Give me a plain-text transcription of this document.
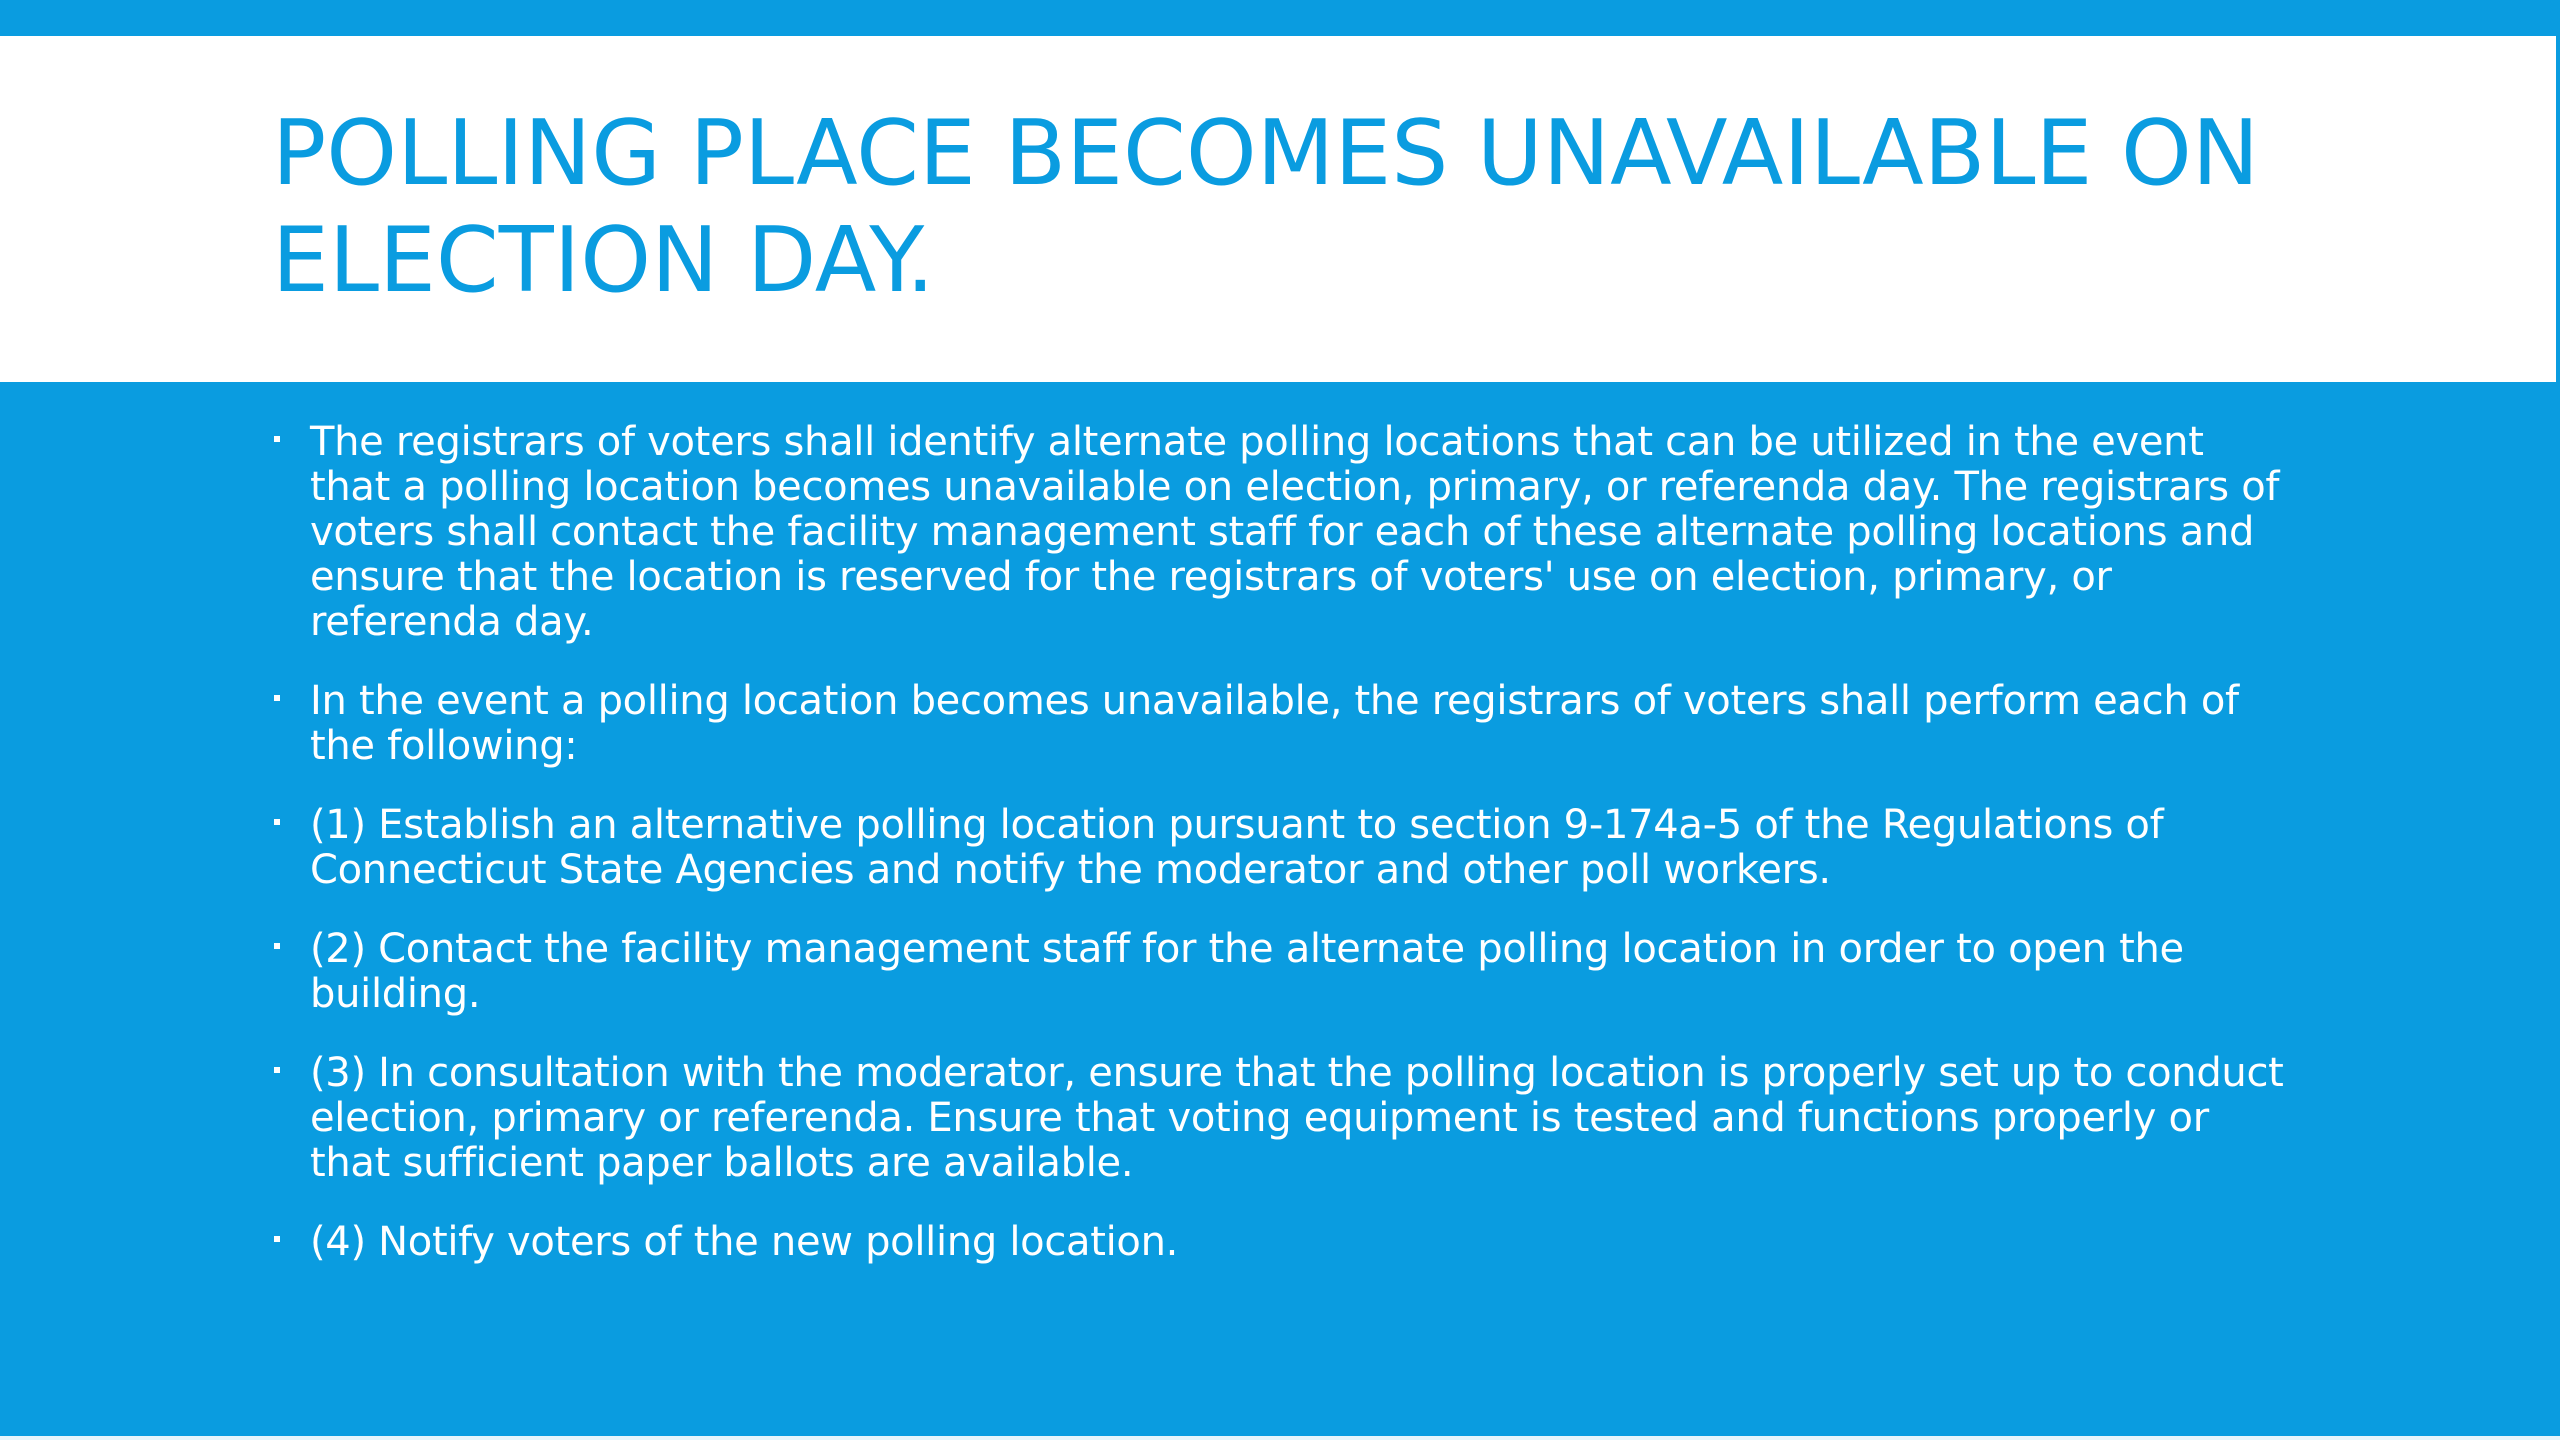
POLLING PLACE BECOMES UNAVAILABLE ON ELECTION DAY.
The registrars of voters shall identify alternate polling locations that can be utilized in the event that a polling location becomes unavailable on election, primary, or referenda day. The registrars of voters shall contact the facility management staff for each of these alternate polling locations and ensure that the location is reserved for the registrars of voters' use on election, primary, or referenda day.
In the event a polling location becomes unavailable, the registrars of voters shall perform each of the following:
(1) Establish an alternative polling location pursuant to section 9-174a-5 of the Regulations of Connecticut State Agencies and notify the moderator and other poll workers.
(2) Contact the facility management staff for the alternate polling location in order to open the building.
(3) In consultation with the moderator, ensure that the polling location is properly set up to conduct election, primary or referenda. Ensure that voting equipment is tested and functions properly or that sufficient paper ballots are available.
(4) Notify voters of the new polling location.
